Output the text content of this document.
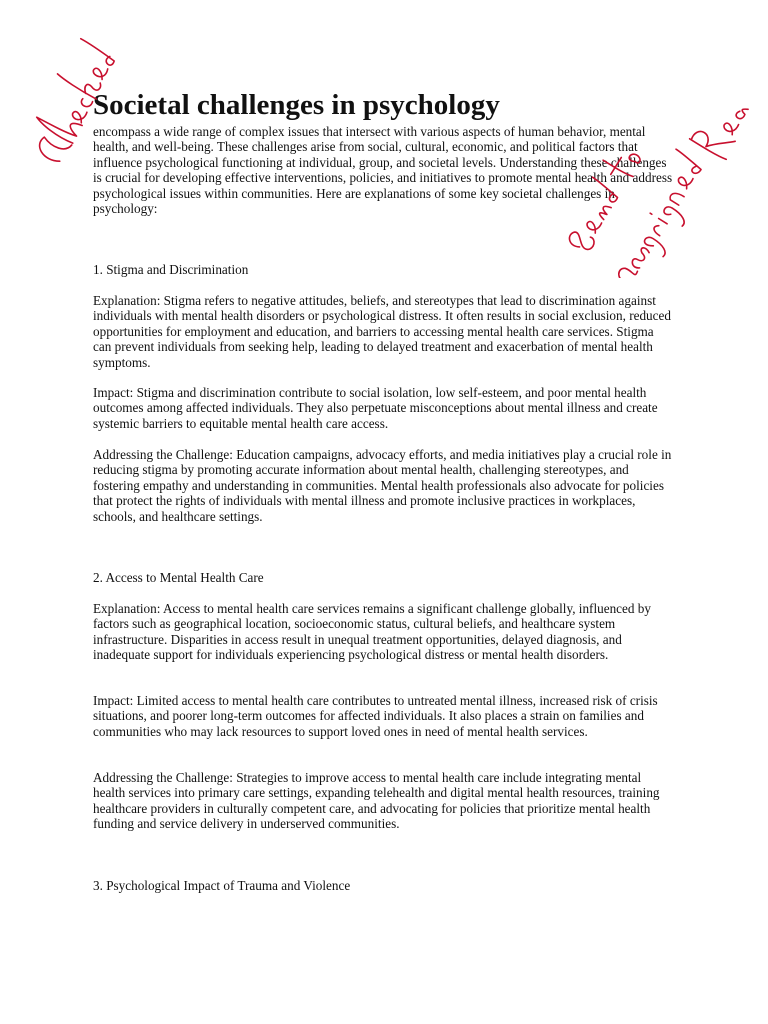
Societal challenges in psychology

encompass a wide range of complex issues that intersect with various aspects of human behavior, mental health, and well-being. These challenges arise from social, cultural, economic, and political factors that influence psychological functioning at individual, group, and societal levels. Understanding these challenges is crucial for developing effective interventions, policies, and initiatives to promote mental health and address psychological issues within communities. Here are explanations of some key societal challenges in psychology:

1. Stigma and Discrimination

Explanation: Stigma refers to negative attitudes, beliefs, and stereotypes that lead to discrimination against individuals with mental health disorders or psychological distress. It often results in social exclusion, reduced opportunities for employment and education, and barriers to accessing mental health care services. Stigma can prevent individuals from seeking help, leading to delayed treatment and exacerbation of mental health symptoms.

Impact: Stigma and discrimination contribute to social isolation, low self-esteem, and poor mental health outcomes among affected individuals. They also perpetuate misconceptions about mental illness and create systemic barriers to equitable mental health care access.

Addressing the Challenge: Education campaigns, advocacy efforts, and media initiatives play a crucial role in reducing stigma by promoting accurate information about mental health, challenging stereotypes, and fostering empathy and understanding in communities. Mental health professionals also advocate for policies that protect the rights of individuals with mental illness and promote inclusive practices in workplaces, schools, and healthcare settings.

2. Access to Mental Health Care

Explanation: Access to mental health care services remains a significant challenge globally, influenced by factors such as geographical location, socioeconomic status, cultural beliefs, and healthcare system infrastructure. Disparities in access result in unequal treatment opportunities, delayed diagnosis, and inadequate support for individuals experiencing psychological distress or mental health disorders.

Impact: Limited access to mental health care contributes to untreated mental illness, increased risk of crisis situations, and poorer long-term outcomes for affected individuals. It also places a strain on families and communities who may lack resources to support loved ones in need of mental health services.

Addressing the Challenge: Strategies to improve access to mental health care include integrating mental health services into primary care settings, expanding telehealth and digital mental health resources, training healthcare providers in culturally competent care, and advocating for policies that prioritize mental health funding and service delivery in underserved communities.

3. Psychological Impact of Trauma and Violence
